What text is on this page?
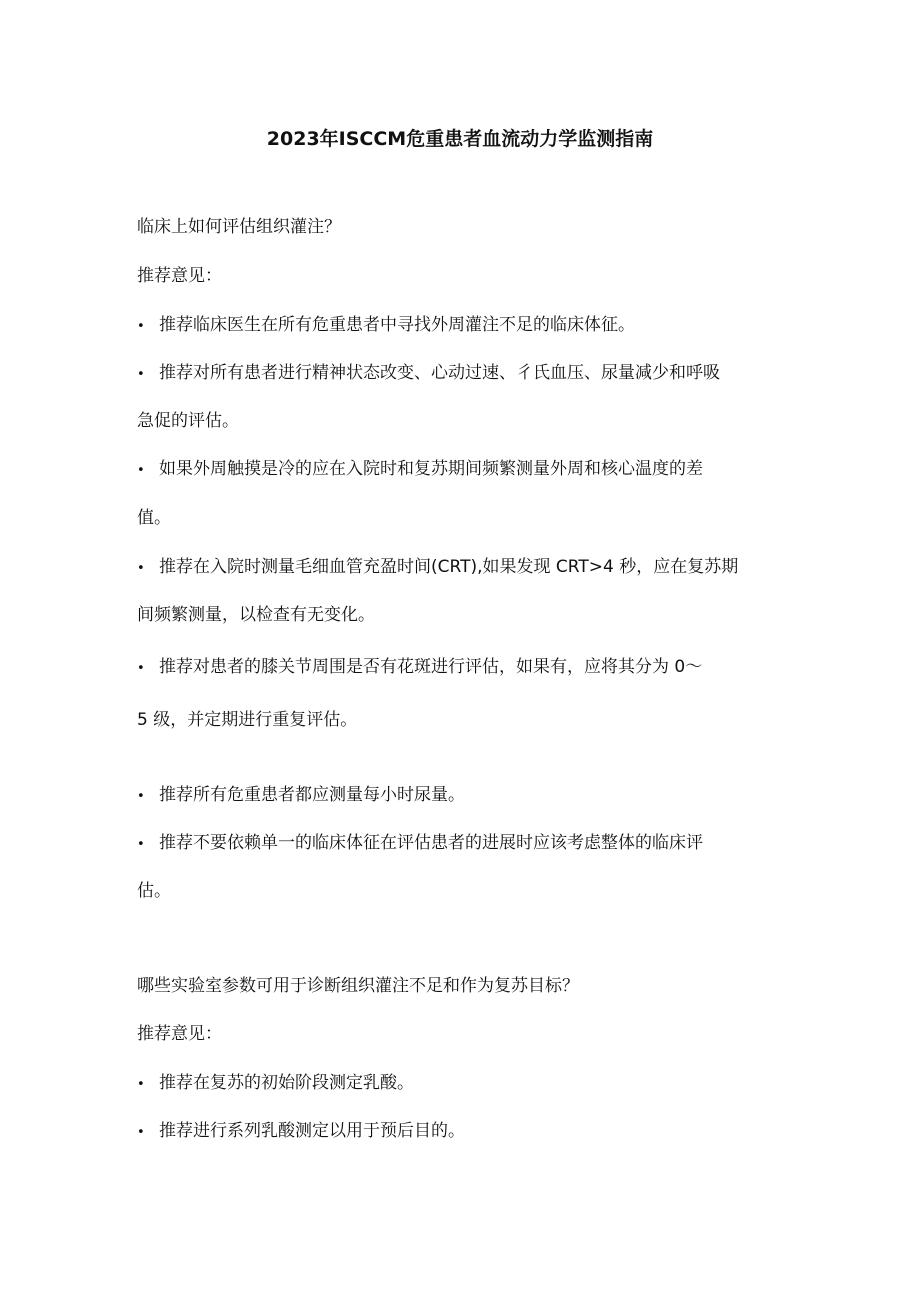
2023年ISCCM危重患者血流动力学监测指南
临床上如何评估组织灌注？
推荐意见：
• 推荐临床医生在所有危重患者中寻找外周灌注不足的临床体征。
• 推荐对所有患者进行精神状态改变、心动过速、彳氏血压、尿量减少和呼吸
急促的评估。
• 如果外周触摸是冷的应在入院时和复苏期间频繁测量外周和核心温度的差
值。
• 推荐在入院时测量毛细血管充盈时间(CRT),如果发现 CRT>4 秒，应在复苏期
间频繁测量，以检查有无变化。
• 推荐对患者的膝关节周围是否有花斑进行评估，如果有，应将其分为 0～
5 级，并定期进行重复评估。
• 推荐所有危重患者都应测量每小时尿量。
• 推荐不要依赖单一的临床体征在评估患者的进展时应该考虑整体的临床评
估。
哪些实验室参数可用于诊断组织灌注不足和作为复苏目标？
推荐意见：
• 推荐在复苏的初始阶段测定乳酸。
• 推荐进行系列乳酸测定以用于预后目的。
